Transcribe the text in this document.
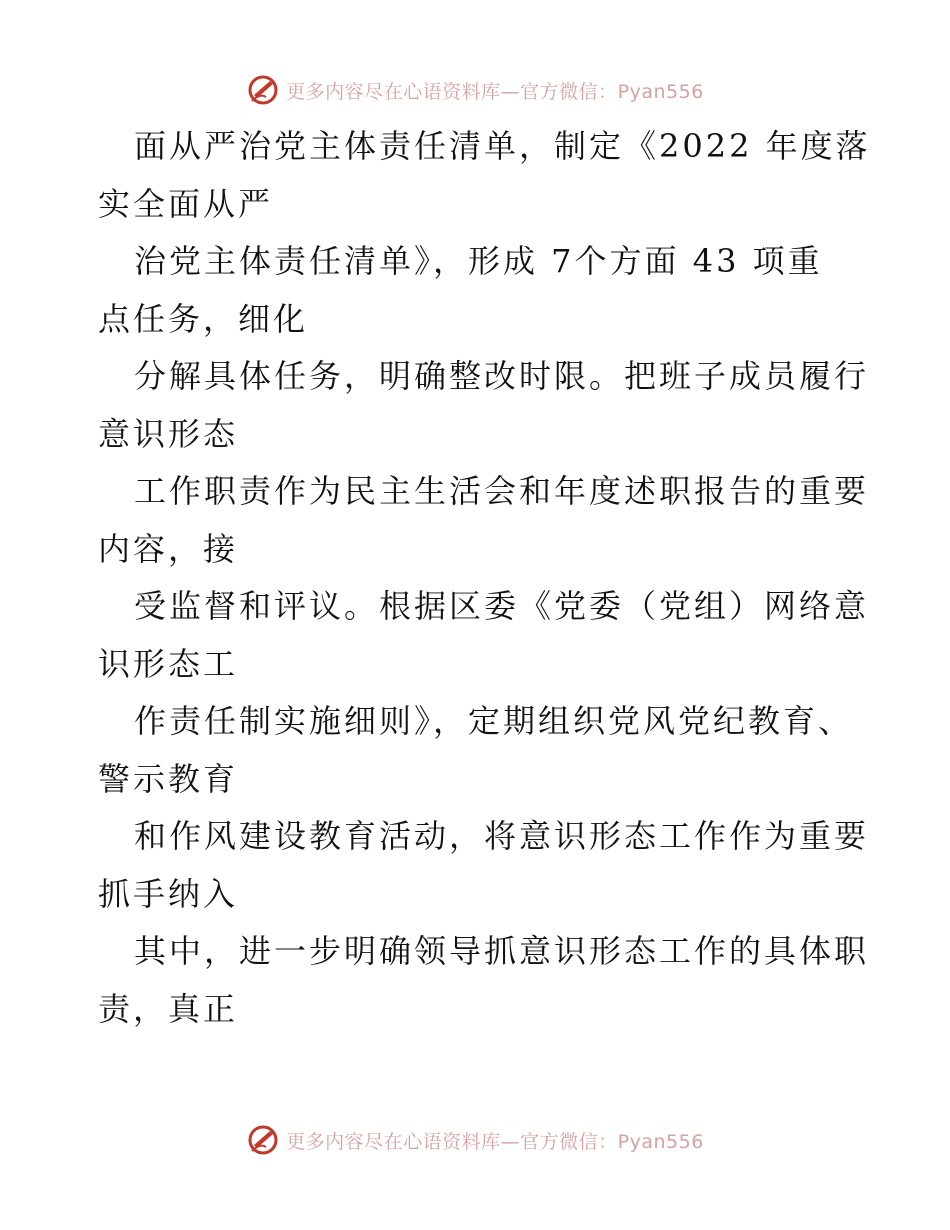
更多内容尽在心语资料库—官方微信：Pyan556
面从严治党主体责任清单，制定《2022 年度落
实全面从严
治党主体责任清单》，形成 7个方面 43 项重
点任务，细化
分解具体任务，明确整改时限。把班子成员履行
意识形态
工作职责作为民主生活会和年度述职报告的重要
内容，接
受监督和评议。根据区委《党委（党组）网络意
识形态工
作责任制实施细则》，定期组织党风党纪教育、
警示教育
和作风建设教育活动，将意识形态工作作为重要
抓手纳入
其中，进一步明确领导抓意识形态工作的具体职
责，真正
更多内容尽在心语资料库—官方微信：Pyan556
